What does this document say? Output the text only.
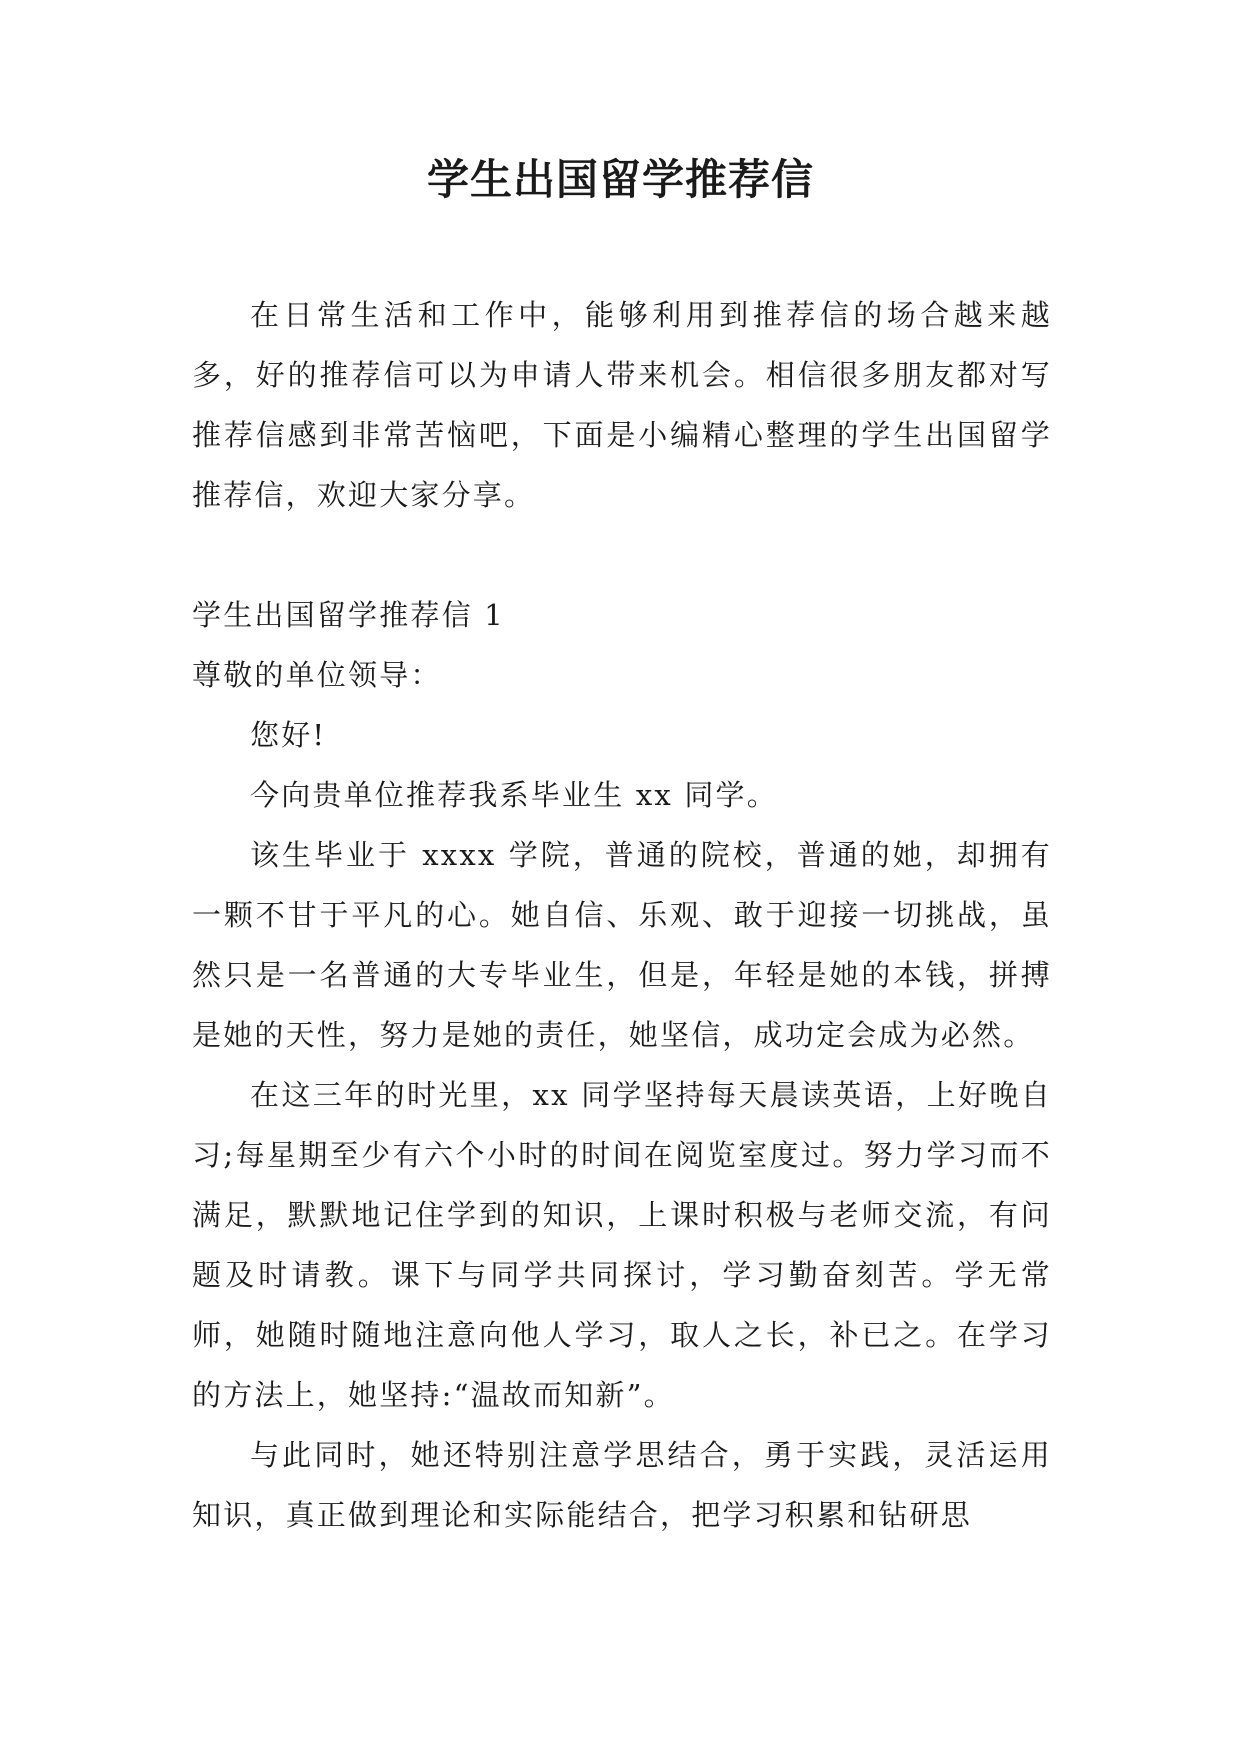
学生出国留学推荐信

在日常生活和工作中，能够利用到推荐信的场合越来越多，好的推荐信可以为申请人带来机会。相信很多朋友都对写推荐信感到非常苦恼吧，下面是小编精心整理的学生出国留学推荐信，欢迎大家分享。

学生出国留学推荐信 1

尊敬的单位领导：

您好!

今向贵单位推荐我系毕业生 xx 同学。

该生毕业于 xxxx 学院，普通的院校，普通的她，却拥有一颗不甘于平凡的心。她自信、乐观、敢于迎接一切挑战，虽然只是一名普通的大专毕业生，但是，年轻是她的本钱，拼搏是她的天性，努力是她的责任，她坚信，成功定会成为必然。

在这三年的时光里，xx 同学坚持每天晨读英语，上好晚自习;每星期至少有六个小时的时间在阅览室度过。努力学习而不满足，默默地记住学到的知识，上课时积极与老师交流，有问题及时请教。课下与同学共同探讨，学习勤奋刻苦。学无常师，她随时随地注意向他人学习，取人之长，补已之。在学习的方法上，她坚持:“温故而知新”。

与此同时，她还特别注意学思结合，勇于实践，灵活运用知识，真正做到理论和实际能结合，把学习积累和钻研思
